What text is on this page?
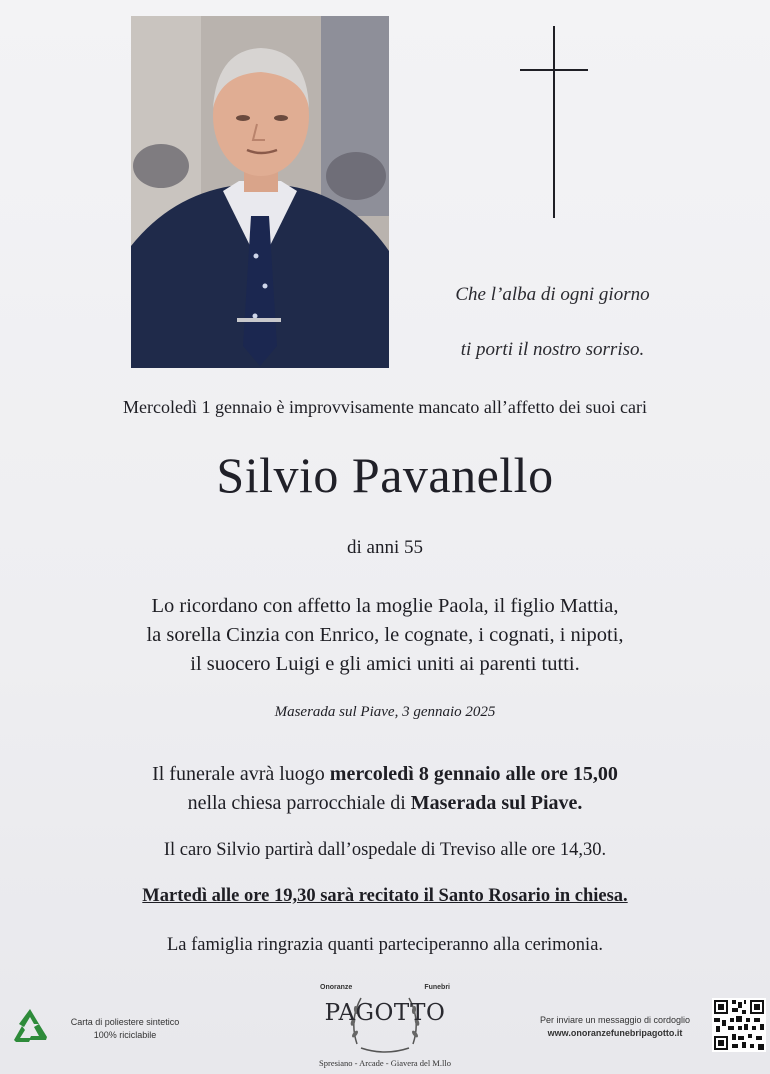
Che l’alba di ogni giorno
ti porti il nostro sorriso.
Mercoledì 1 gennaio è improvvisamente mancato all’affetto dei suoi cari
Silvio Pavanello
di anni 55
Lo ricordano con affetto la moglie Paola, il figlio Mattia,
la sorella Cinzia con Enrico, le cognate, i cognati, i nipoti,
il suocero Luigi e gli amici uniti ai parenti tutti.
Maserada sul Piave, 3 gennaio 2025
Il funerale avrà luogo mercoledì 8 gennaio alle ore 15,00
nella chiesa parrocchiale di Maserada sul Piave.
Il caro Silvio partirà dall’ospedale di Treviso alle ore 14,30.
Martedì alle ore 19,30 sarà recitato il Santo Rosario in chiesa.
La famiglia ringrazia quanti parteciperanno alla cerimonia.
Carta di poliestere sintetico
100% riciclabile
Onoranze	Funebri
PAGOTTO
Spresiano - Arcade - Giavera del M.llo
Per inviare un messaggio di cordoglio
www.onoranzefunebripagotto.it
